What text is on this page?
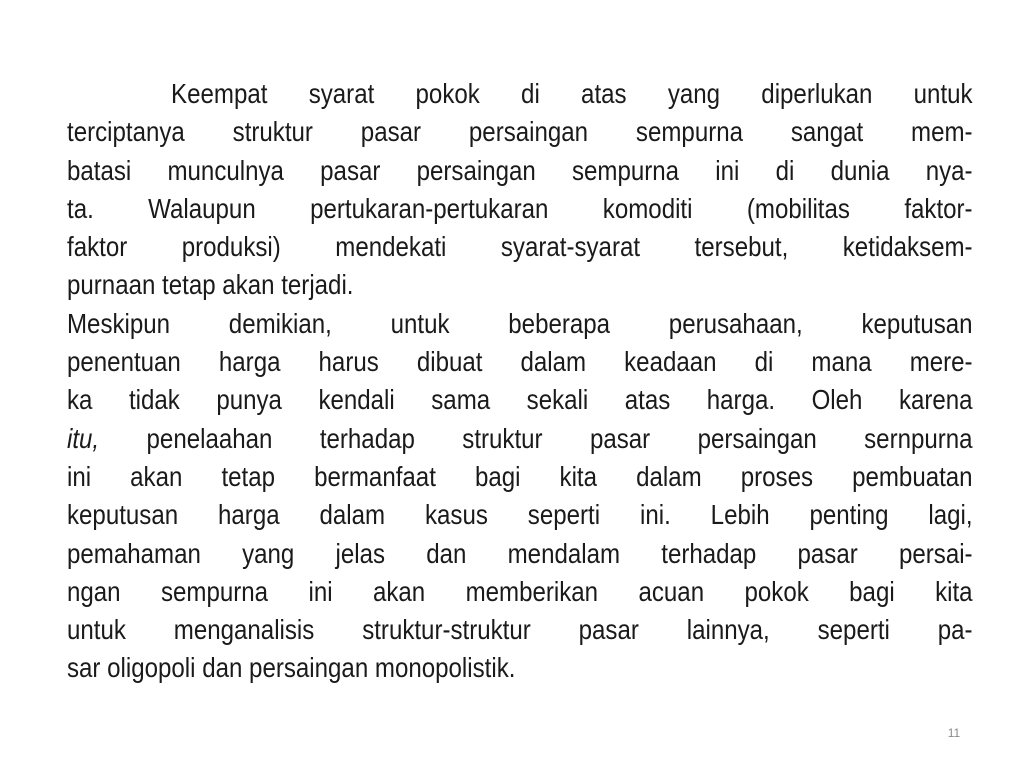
Keempat syarat pokok di atas yang diperlukan untuk
terciptanya struktur pasar persaingan sempurna sangat mem-
batasi munculnya pasar persaingan sempurna ini di dunia nya-
ta. Walaupun pertukaran-pertukaran komoditi (mobilitas faktor-
faktor produksi) mendekati syarat-syarat tersebut, ketidaksem-
purnaan tetap akan terjadi.
Meskipun demikian, untuk beberapa perusahaan, keputusan
penentuan harga harus dibuat dalam keadaan di mana mere-
ka tidak punya kendali sama sekali atas harga. Oleh karena
itu, penelaahan terhadap struktur pasar persaingan sernpurna
ini akan tetap bermanfaat bagi kita dalam proses pembuatan
keputusan harga dalam kasus seperti ini. Lebih penting lagi,
pemahaman yang jelas dan mendalam terhadap pasar persai-
ngan sempurna ini akan memberikan acuan pokok bagi kita
untuk menganalisis struktur-struktur pasar lainnya, seperti pa-
sar oligopoli dan persaingan monopolistik.
11
